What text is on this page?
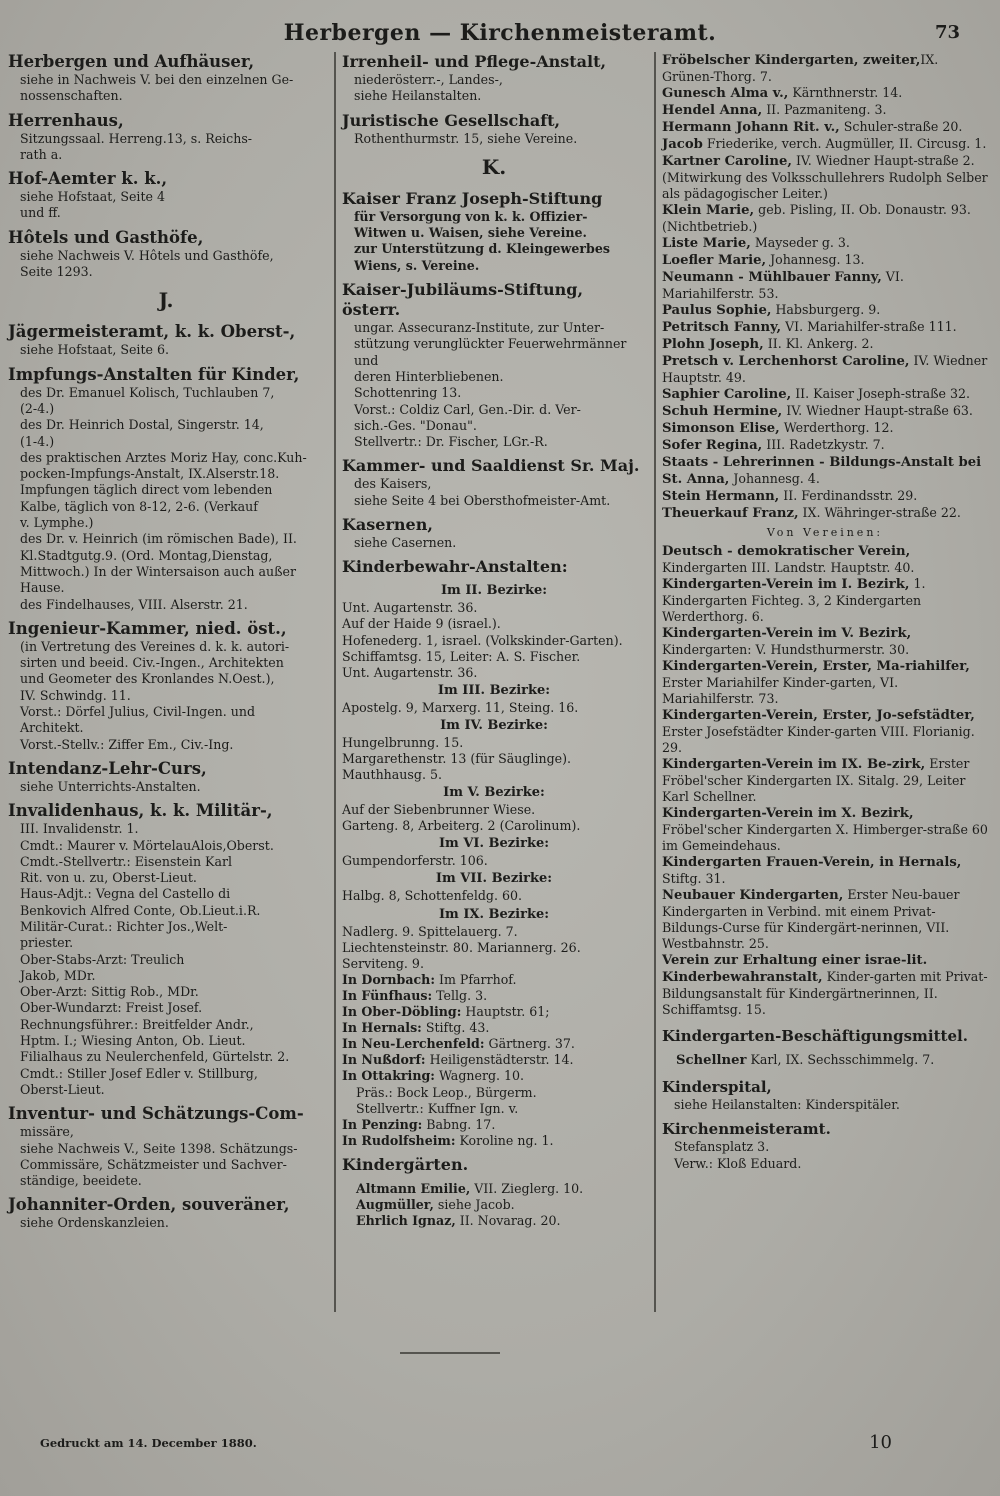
Herbergen — Kirchenmeisteramt.	73
Herbergen und Aufhäuser,
siehe in Nachweis V. bei den einzelnen Ge-
nossenschaften.
Herrenhaus,
Sitzungssaal. Herreng.13, s. Reichs-
rath a.
Hof-Aemter k. k.,
siehe Hofstaat, Seite 4
und ff.
Hôtels und Gasthöfe,
siehe Nachweis V. Hôtels und Gasthöfe,
Seite 1293.
J.
Jägermeisteramt, k. k. Oberst-,
siehe Hofstaat, Seite 6.
Impfungs-Anstalten für Kinder,
des Dr. Emanuel Kolisch, Tuchlauben 7,
(2-4.)
des Dr. Heinrich Dostal, Singerstr. 14,
(1-4.)
des praktischen Arztes Moriz Hay, conc.Kuh-
pocken-Impfungs-Anstalt, IX.Alserstr.18.
Impfungen täglich direct vom lebenden
Kalbe, täglich von 8-12, 2-6. (Verkauf
v. Lymphe.)
des Dr. v. Heinrich (im römischen Bade), II.
Kl.Stadtgutg.9. (Ord. Montag,Dienstag,
Mittwoch.) In der Wintersaison auch außer
Hause.
des Findelhauses, VIII. Alserstr. 21.
Ingenieur-Kammer, nied. öst.,
(in Vertretung des Vereines d. k. k. autori-
sirten und beeid. Civ.-Ingen., Architekten
und Geometer des Kronlandes N.Oest.),
IV. Schwindg. 11.
Vorst.: Dörfel Julius, Civil-Ingen. und
Architekt.
Vorst.-Stellv.: Ziffer Em., Civ.-Ing.
Intendanz-Lehr-Curs,
siehe Unterrichts-Anstalten.
Invalidenhaus, k. k. Militär-,
III. Invalidenstr. 1.
Cmdt.: Maurer v. MörtelauAlois,Oberst.
Cmdt.-Stellvertr.: Eisenstein Karl
Rit. von u. zu, Oberst-Lieut.
Haus-Adjt.: Vegna del Castello di
Benkovich Alfred Conte, Ob.Lieut.i.R.
Militär-Curat.: Richter Jos.,Welt-
priester.
Ober-Stabs-Arzt: Treulich
Jakob, MDr.
Ober-Arzt: Sittig Rob., MDr.
Ober-Wundarzt: Freist Josef.
Rechnungsführer.: Breitfelder Andr.,
Hptm. I.; Wiesing Anton, Ob. Lieut.
Filialhaus zu Neulerchenfeld, Gürtelstr. 2.
Cmdt.: Stiller Josef Edler v. Stillburg,
Oberst-Lieut.
Inventur- und Schätzungs-Com-
missäre,
siehe Nachweis V., Seite 1398. Schätzungs-
Commissäre, Schätzmeister und Sachver-
ständige, beeidete.
Johanniter-Orden, souveräner,
siehe Ordenskanzleien.
Irrenheil- und Pflege-Anstalt,
niederösterr.-, Landes-,
siehe Heilanstalten.
Juristische Gesellschaft,
Rothenthurmstr. 15, siehe Vereine.
K.
Kaiser Franz Joseph-Stiftung
für Versorgung von k. k. Offizier-
Witwen u. Waisen, siehe Vereine.
zur Unterstützung d. Kleingewerbes
Wiens, s. Vereine.
Kaiser-Jubiläums-Stiftung, österr.
ungar. Assecuranz-Institute, zur Unter-
stützung verunglückter Feuerwehrmänner und
deren Hinterbliebenen.
Schottenring 13.
Vorst.: Coldiz Carl, Gen.-Dir. d. Ver-
sich.-Ges. "Donau".
Stellvertr.: Dr. Fischer, LGr.-R.
Kammer- und Saaldienst Sr. Maj.
des Kaisers,
siehe Seite 4 bei Obersthofmeister-Amt.
Kasernen,
siehe Casernen.
Kinderbewahr-Anstalten:
Im II. Bezirke:
Unt. Augartenstr. 36.
Auf der Haide 9 (israel.).
Hofenederg. 1, israel. (Volkskinder-Garten).
Schiffamtsg. 15, Leiter: A. S. Fischer.
Unt. Augartenstr. 36.
Im III. Bezirke:
Apostelg. 9, Marxerg. 11, Steing. 16.
Im IV. Bezirke:
Hungelbrunng. 15.
Margarethenstr. 13 (für Säuglinge).
Mauthhausg. 5.
Im V. Bezirke:
Auf der Siebenbrunner Wiese.
Garteng. 8, Arbeiterg. 2 (Carolinum).
Im VI. Bezirke:
Gumpendorferstr. 106.
Im VII. Bezirke:
Halbg. 8, Schottenfeldg. 60.
Im IX. Bezirke:
Nadlerg. 9. Spittelauerg. 7.
Liechtensteinstr. 80. Mariannerg. 26.
Serviteng. 9.
In Dornbach: Im Pfarrhof.
In Fünfhaus: Tellg. 3.
In Ober-Döbling: Hauptstr. 61;
In Hernals: Stiftg. 43.
In Neu-Lerchenfeld: Gärtnerg. 37.
In Nußdorf: Heiligenstädterstr. 14.
In Ottakring: Wagnerg. 10.
Präs.: Bock Leop., Bürgerm.
Stellvertr.: Kuffner Ign. v.
In Penzing: Babng. 17.
In Rudolfsheim: Koroline ng. 1.
Kindergärten.
Altmann Emilie, VII. Zieglerg. 10.
Augmüller, siehe Jacob.
Ehrlich Ignaz, II. Novarag. 20.
Fröbelscher Kindergarten, zweiter,IX. Grünen-Thorg. 7.
Gunesch Alma v., Kärnthnerstr. 14.
Hendel Anna, II. Pazmaniteng. 3.
Hermann Johann Rit. v., Schuler-straße 20.
Jacob Friederike, verch. Augmüller, II. Circusg. 1.
Kartner Caroline, IV. Wiedner Haupt-straße 2. (Mitwirkung des Volksschullehrers Rudolph Selber als pädagogischer Leiter.)
Klein Marie, geb. Pisling, II. Ob. Donaustr. 93. (Nichtbetrieb.)
Liste Marie, Mayseder g. 3.
Loefler Marie, Johannesg. 13.
Neumann - Mühlbauer Fanny, VI. Mariahilferstr. 53.
Paulus Sophie, Habsburgerg. 9.
Petritsch Fanny, VI. Mariahilfer-straße 111.
Plohn Joseph, II. Kl. Ankerg. 2.
Pretsch v. Lerchenhorst Caroline, IV. Wiedner Hauptstr. 49.
Saphier Caroline, II. Kaiser Joseph-straße 32.
Schuh Hermine, IV. Wiedner Haupt-straße 63.
Simonson Elise, Werderthorg. 12.
Sofer Regina, III. Radetzkystr. 7.
Staats - Lehrerinnen - Bildungs-Anstalt bei St. Anna, Johannesg. 4.
Stein Hermann, II. Ferdinandsstr. 29.
Theuerkauf Franz, IX. Währinger-straße 22.
Von Vereinen:
Deutsch - demokratischer Verein, Kindergarten III. Landstr. Hauptstr. 40.
Kindergarten-Verein im I. Bezirk, 1. Kindergarten Fichteg. 3, 2 Kindergarten Werderthorg. 6.
Kindergarten-Verein im V. Bezirk, Kindergarten: V. Hundsthurmerstr. 30.
Kindergarten-Verein, Erster, Ma-riahilfer, Erster Mariahilfer Kinder-garten, VI. Mariahilferstr. 73.
Kindergarten-Verein, Erster, Jo-sefstädter, Erster Josefstädter Kinder-garten VIII. Florianig. 29.
Kindergarten-Verein im IX. Be-zirk, Erster Fröbel'scher Kindergarten IX. Sitalg. 29, Leiter Karl Schellner.
Kindergarten-Verein im X. Bezirk, Fröbel'scher Kindergarten X. Himberger-straße 60 im Gemeindehaus.
Kindergarten Frauen-Verein, in Hernals, Stiftg. 31.
Neubauer Kindergarten, Erster Neu-bauer Kindergarten in Verbind. mit einem Privat-Bildungs-Curse für Kindergärt-nerinnen, VII. Westbahnstr. 25.
Verein zur Erhaltung einer israe-lit. Kinderbewahranstalt, Kinder-garten mit Privat-Bildungsanstalt für Kindergärtnerinnen, II. Schiffamtsg. 15.
Kindergarten-Beschäftigungsmittel.
Schellner Karl, IX. Sechsschimmelg. 7.
Kinderspital,
siehe Heilanstalten: Kinderspitäler.
Kirchenmeisteramt.
Stefansplatz 3.
Verw.: Kloß Eduard.
Gedruckt am 14. December 1880.	10
